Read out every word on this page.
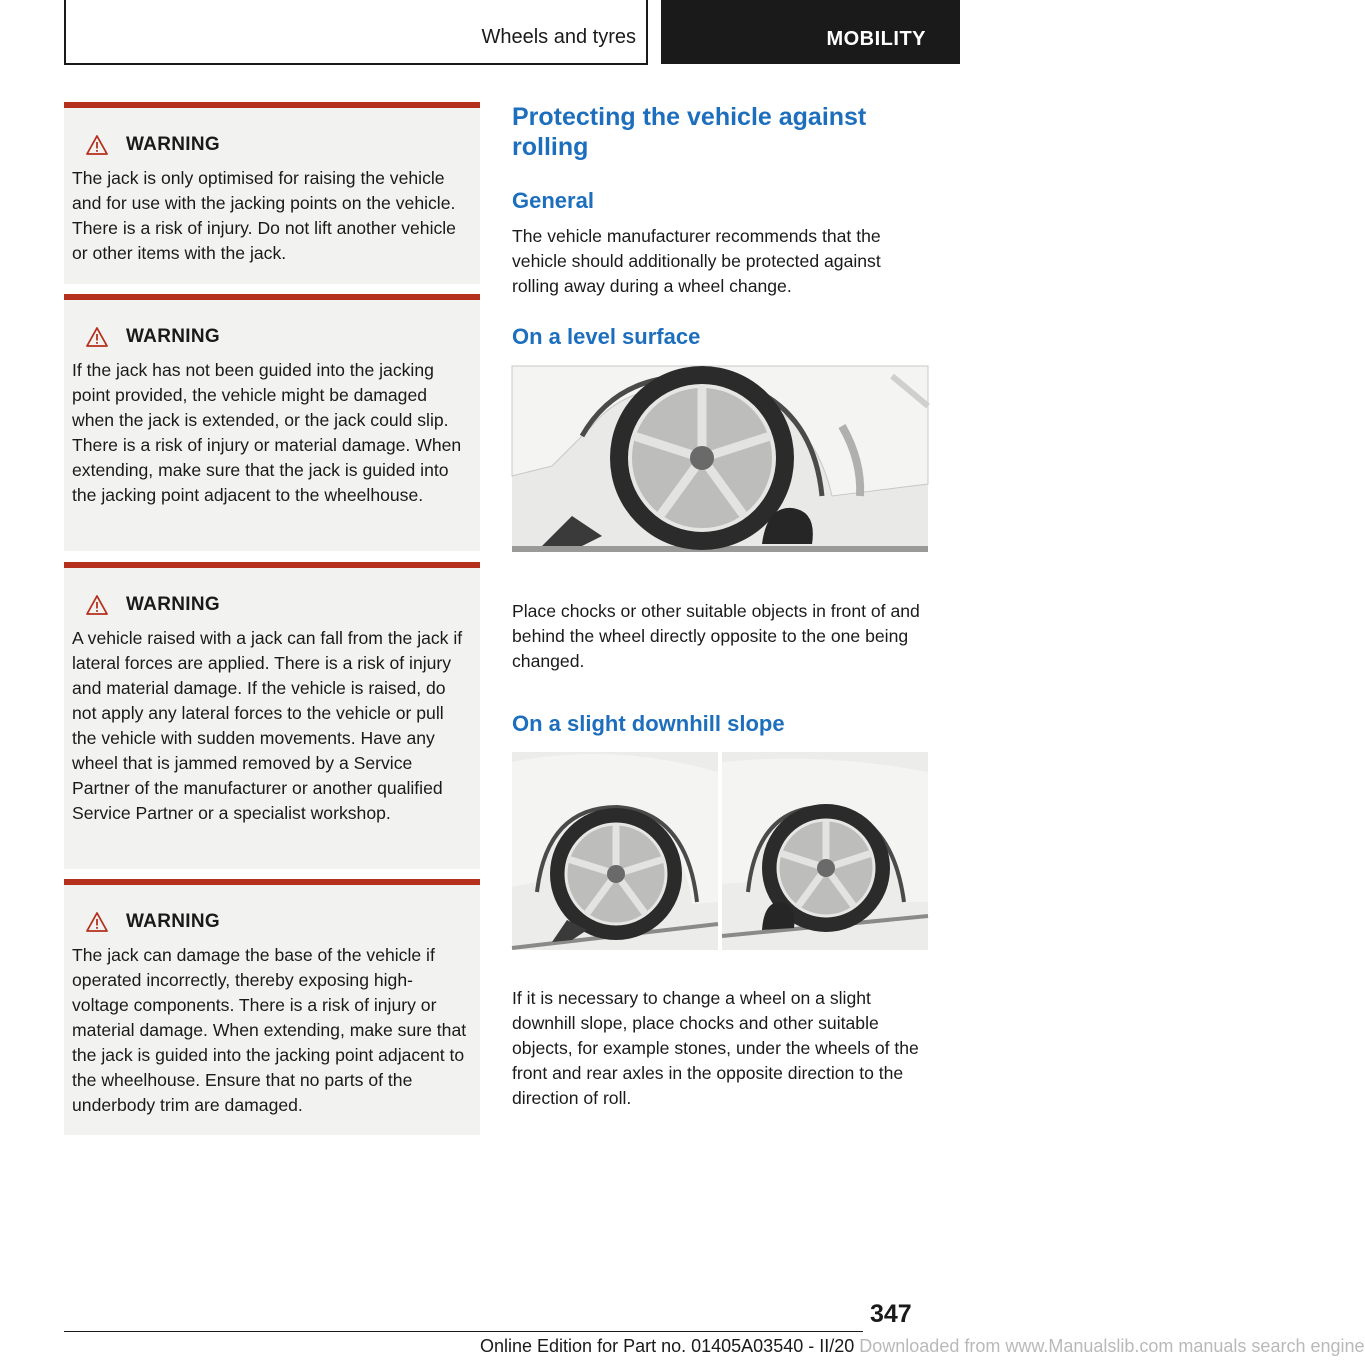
Wheels and tyres	MOBILITY
WARNING
The jack is only optimised for raising the vehicle and for use with the jacking points on the vehicle. There is a risk of injury. Do not lift another vehicle or other items with the jack.
WARNING
If the jack has not been guided into the jacking point provided, the vehicle might be damaged when the jack is extended, or the jack could slip. There is a risk of injury or material damage. When extending, make sure that the jack is guided into the jacking point adjacent to the wheelhouse.
WARNING
A vehicle raised with a jack can fall from the jack if lateral forces are applied. There is a risk of injury and material damage. If the vehicle is raised, do not apply any lateral forces to the vehicle or pull the vehicle with sudden movements. Have any wheel that is jammed removed by a Service Partner of the manufacturer or another qualified Service Partner or a specialist workshop.
WARNING
The jack can damage the base of the vehicle if operated incorrectly, thereby exposing high-voltage components. There is a risk of injury or material damage. When extending, make sure that the jack is guided into the jacking point adjacent to the wheelhouse. Ensure that no parts of the underbody trim are damaged.
Protecting the vehicle against rolling
General
The vehicle manufacturer recommends that the vehicle should additionally be protected against rolling away during a wheel change.
On a level surface
Place chocks or other suitable objects in front of and behind the wheel directly opposite to the one being changed.
On a slight downhill slope
If it is necessary to change a wheel on a slight downhill slope, place chocks and other suitable objects, for example stones, under the wheels of the front and rear axles in the opposite direction to the direction of roll.
347
Online Edition for Part no. 01405A03540 - II/20 Downloaded from www.Manualslib.com manuals search engine
